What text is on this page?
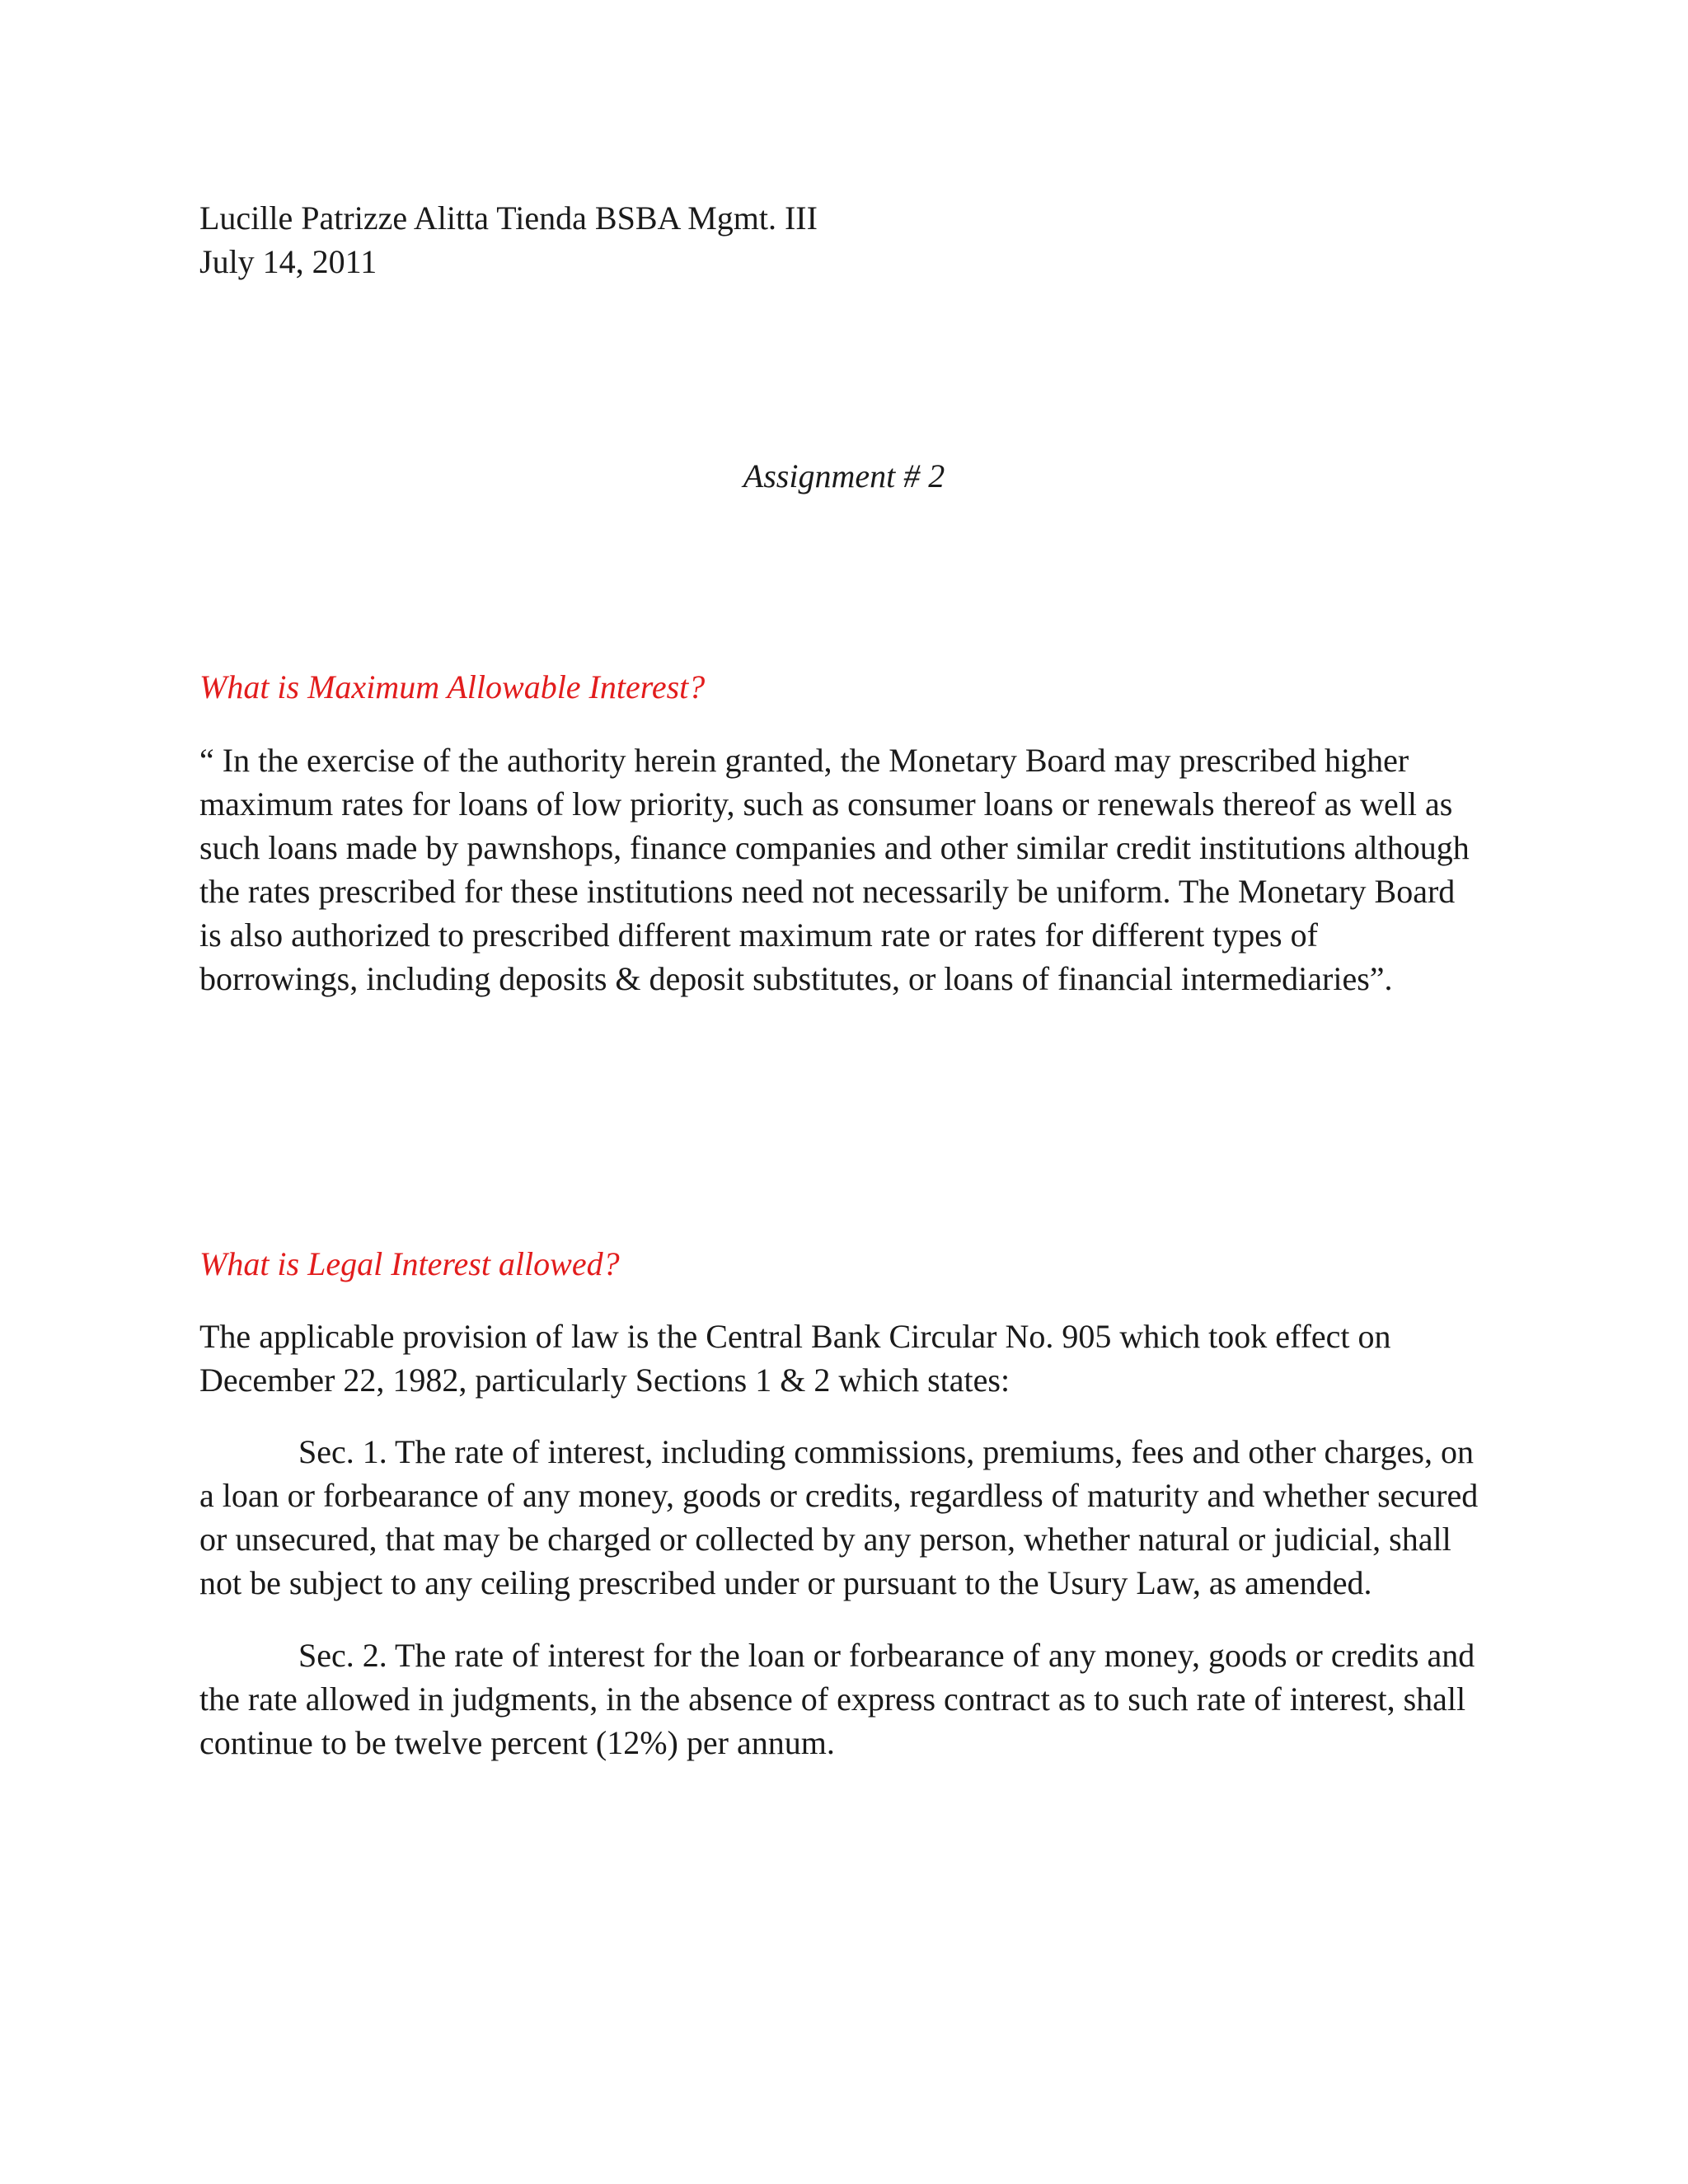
Lucille Patrizze Alitta Tienda BSBA Mgmt. III
July 14, 2011
Assignment # 2
What is Maximum Allowable Interest?
“ In the exercise of the authority herein granted, the Monetary Board may prescribed higher
maximum rates for loans of low priority, such as consumer loans or renewals thereof as well as
such loans made by pawnshops, finance companies and other similar credit institutions although
the rates prescribed for these institutions need not necessarily be uniform. The Monetary Board
is also authorized to prescribed different maximum rate or rates for different types of
borrowings, including deposits & deposit substitutes, or loans of financial intermediaries”.
What is Legal Interest allowed?
The applicable provision of law is the Central Bank Circular No. 905 which took effect on
December 22, 1982, particularly Sections 1 & 2 which states:
Sec. 1. The rate of interest, including commissions, premiums, fees and other charges, on
a loan or forbearance of any money, goods or credits, regardless of maturity and whether secured
or unsecured, that may be charged or collected by any person, whether natural or judicial, shall
not be subject to any ceiling prescribed under or pursuant to the Usury Law, as amended.
Sec. 2. The rate of interest for the loan or forbearance of any money, goods or credits and
the rate allowed in judgments, in the absence of express contract as to such rate of interest, shall
continue to be twelve percent (12%) per annum.
